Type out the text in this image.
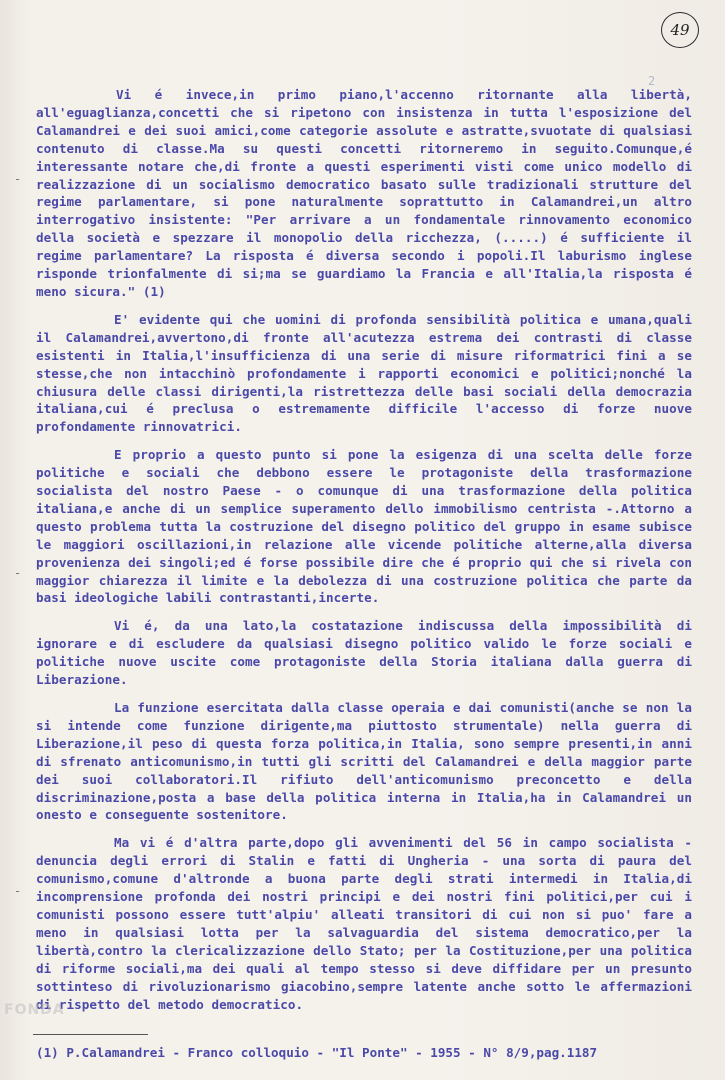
49
2
-
-
-

Vi é invece,in primo piano,l'accenno ritornante alla libertà, all'eguaglianza,concetti che si ripetono con insistenza in tutta l'esposizione del Calamandrei e dei suoi amici,come categorie assolute e astratte,svuotate di qualsiasi contenuto di classe.Ma su questi concetti ritorneremo in seguito.Comunque,é interessante notare che,di fronte a questi esperimenti visti come unico modello di realizzazione di un socialismo democratico basato sulle tradizionali strutture del regime parlamentare, si pone naturalmente soprattutto in Calamandrei,un altro interrogativo insistente: "Per arrivare a un fondamentale rinnovamento economico della società e spezzare il monopolio della ricchezza, (.....) é sufficiente il regime parlamentare? La risposta é diversa secondo i popoli.Il laburismo inglese risponde trionfalmente di si;ma se guardiamo la Francia e all'Italia,la risposta é meno sicura." (1)

E' evidente qui che uomini di profonda sensibilità politica e umana,quali il Calamandrei,avvertono,di fronte all'acutezza estrema dei contrasti di classe esistenti in Italia,l'insufficienza di una serie di misure riformatrici fini a se stesse,che non intacchinò profondamente i rapporti economici e politici;nonché la chiusura delle classi dirigenti,la ristrettezza delle basi sociali della democrazia italiana,cui é preclusa o estremamente difficile l'accesso di forze nuove profondamente rinnovatrici.

E proprio a questo punto si pone la esigenza di una scelta delle forze politiche e sociali che debbono essere le protagoniste della trasformazione socialista del nostro Paese - o comunque di una trasformazione della politica italiana,e anche di un semplice superamento dello immobilismo centrista -.Attorno a questo problema tutta la costruzione del disegno politico del gruppo in esame subisce le maggiori oscillazioni,in relazione alle vicende politiche alterne,alla diversa provenienza dei singoli;ed é forse possibile dire che é proprio qui che si rivela con maggior chiarezza il limite e la debolezza di una costruzione politica che parte da basi ideologiche labili contrastanti,incerte.

Vi é, da una lato,la costatazione indiscussa della impossibilità di ignorare e di escludere da qualsiasi disegno politico valido le forze sociali e politiche nuove uscite come protagoniste della Storia italiana dalla guerra di Liberazione.

La funzione esercitata dalla classe operaia e dai comunisti(anche se non la si intende come funzione dirigente,ma piuttosto strumentale) nella guerra di Liberazione,il peso di questa forza politica,in Italia, sono sempre presenti,in anni di sfrenato anticomunismo,in tutti gli scritti del Calamandrei e della maggior parte dei suoi collaboratori.Il rifiuto dell'anticomunismo preconcetto e della discriminazione,posta a base della politica interna in Italia,ha in Calamandrei un onesto e conseguente sostenitore.

Ma vi é d'altra parte,dopo gli avvenimenti del 56 in campo socialista - denuncia degli errori di Stalin e fatti di Ungheria - una sorta di paura del comunismo,comune d'altronde a buona parte degli strati intermedi in Italia,di incomprensione profonda dei nostri principi e dei nostri fini politici,per cui i comunisti possono essere tutt'alpiu' alleati transitori di cui non si puo' fare a meno in qualsiasi lotta per la salvaguardia del sistema democratico,per la libertà,contro la clericalizzazione dello Stato; per la Costituzione,per una politica di riforme sociali,ma dei quali al tempo stesso si deve diffidare per un presunto sottinteso di rivoluzionarismo giacobino,sempre latente anche sotto le affermazioni di rispetto del metodo democratico.

FONDA
(1) P.Calamandrei - Franco colloquio - "Il Ponte" - 1955 - N° 8/9,pag.1187
